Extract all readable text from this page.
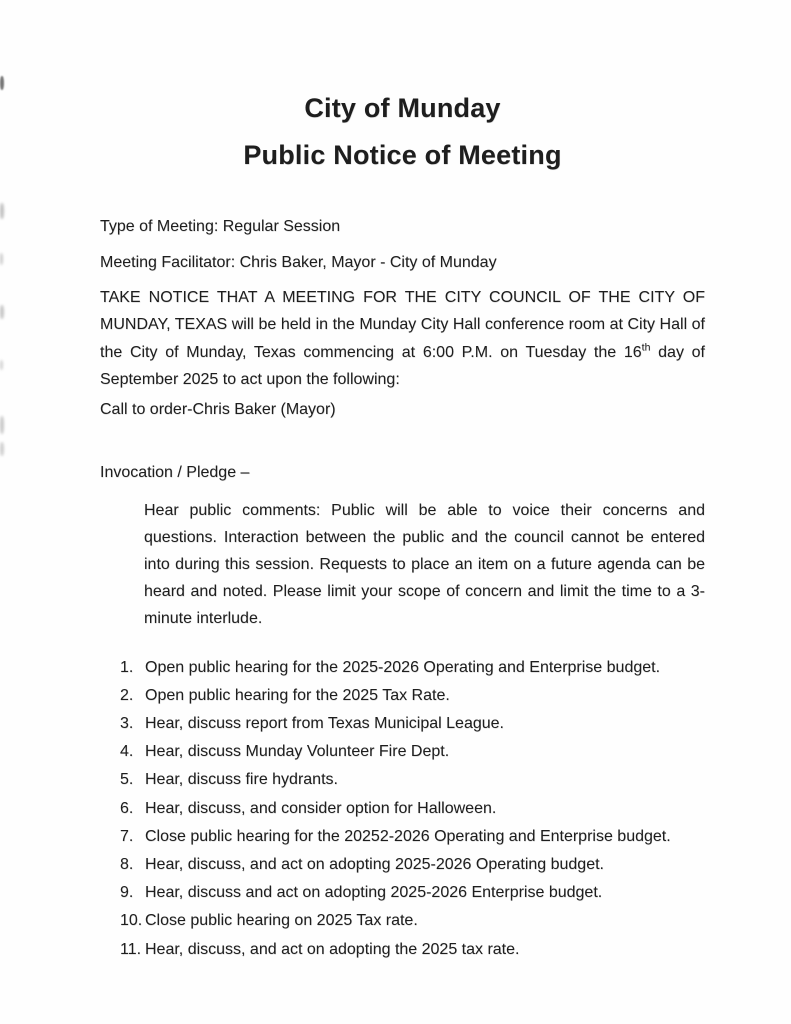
City of Munday
Public Notice of Meeting

Type of Meeting: Regular Session

Meeting Facilitator: Chris Baker, Mayor - City of Munday

TAKE NOTICE THAT A MEETING FOR THE CITY COUNCIL OF THE CITY OF MUNDAY, TEXAS will be held in the Munday City Hall conference room at City Hall of the City of Munday, Texas commencing at 6:00 P.M. on Tuesday the 16th day of September 2025 to act upon the following:

Call to order-Chris Baker (Mayor)

Invocation / Pledge –

Hear public comments: Public will be able to voice their concerns and questions. Interaction between the public and the council cannot be entered into during this session. Requests to place an item on a future agenda can be heard and noted. Please limit your scope of concern and limit the time to a 3-minute interlude.

1. Open public hearing for the 2025-2026 Operating and Enterprise budget.
2. Open public hearing for the 2025 Tax Rate.
3. Hear, discuss report from Texas Municipal League.
4. Hear, discuss Munday Volunteer Fire Dept.
5. Hear, discuss fire hydrants.
6. Hear, discuss, and consider option for Halloween.
7. Close public hearing for the 20252-2026 Operating and Enterprise budget.
8. Hear, discuss, and act on adopting 2025-2026 Operating budget.
9. Hear, discuss and act on adopting 2025-2026 Enterprise budget.
10. Close public hearing on 2025 Tax rate.
11. Hear, discuss, and act on adopting the 2025 tax rate.
